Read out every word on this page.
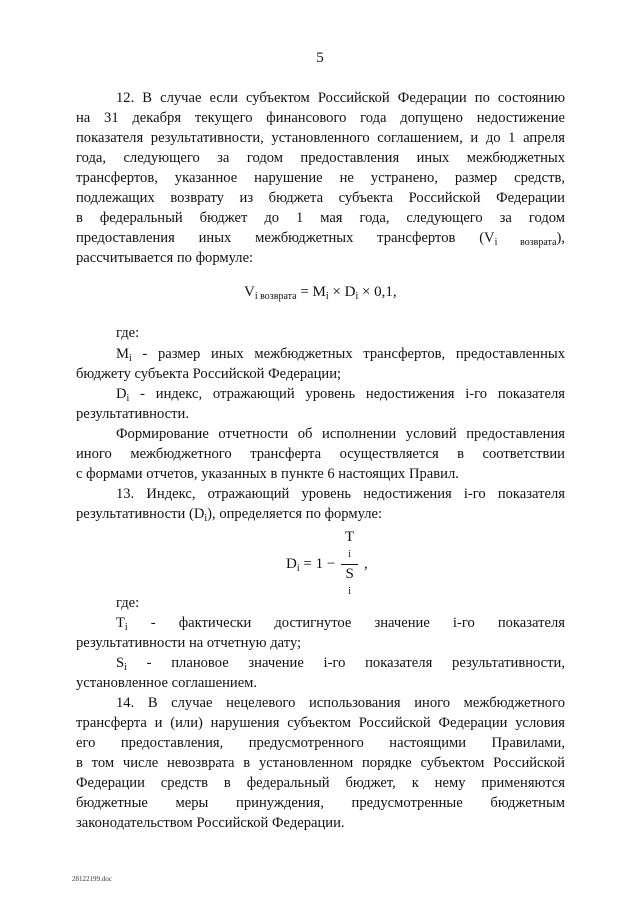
5
12. В случае если субъектом Российской Федерации по состоянию
на 31 декабря текущего финансового года допущено недостижение
показателя результативности, установленного соглашением, и до 1 апреля
года, следующего за годом предоставления иных межбюджетных
трансфертов, указанное нарушение не устранено, размер средств,
подлежащих возврату из бюджета субъекта Российской Федерации
в федеральный бюджет до 1 мая года, следующего за годом
предоставления иных межбюджетных трансфертов $(V_{i возврата})$,
рассчитывается по формуле:
$V_{i возврата} = M_i \times D_i \times 0,1$,
где:
$M_i$ - размер иных межбюджетных трансфертов, предоставленных
бюджету субъекта Российской Федерации;
$D_i$ - индекс, отражающий уровень недостижения i-го показателя
результативности.
Формирование отчетности об исполнении условий предоставления
иного межбюджетного трансферта осуществляется в соответствии
с формами отчетов, указанных в пункте 6 настоящих Правил.
13. Индекс, отражающий уровень недостижения i-го показателя
результативности $(D_i)$, определяется по формуле:
$D_i = 1 - T$
i
S
i ,
где:
$T_i$ - фактически достигнутое значение i-го показателя
результативности на отчетную дату;
$S_i$ - плановое значение i-го показателя результативности,
установленное соглашением.
14. В случае нецелевого использования иного межбюджетного
трансферта и (или) нарушения субъектом Российской Федерации условия
его предоставления, предусмотренного настоящими Правилами,
в том числе невозврата в установленном порядке субъектом Российской
Федерации средств в федеральный бюджет, к нему применяются
бюджетные меры принуждения, предусмотренные бюджетным
законодательством Российской Федерации.
28122199.doc
